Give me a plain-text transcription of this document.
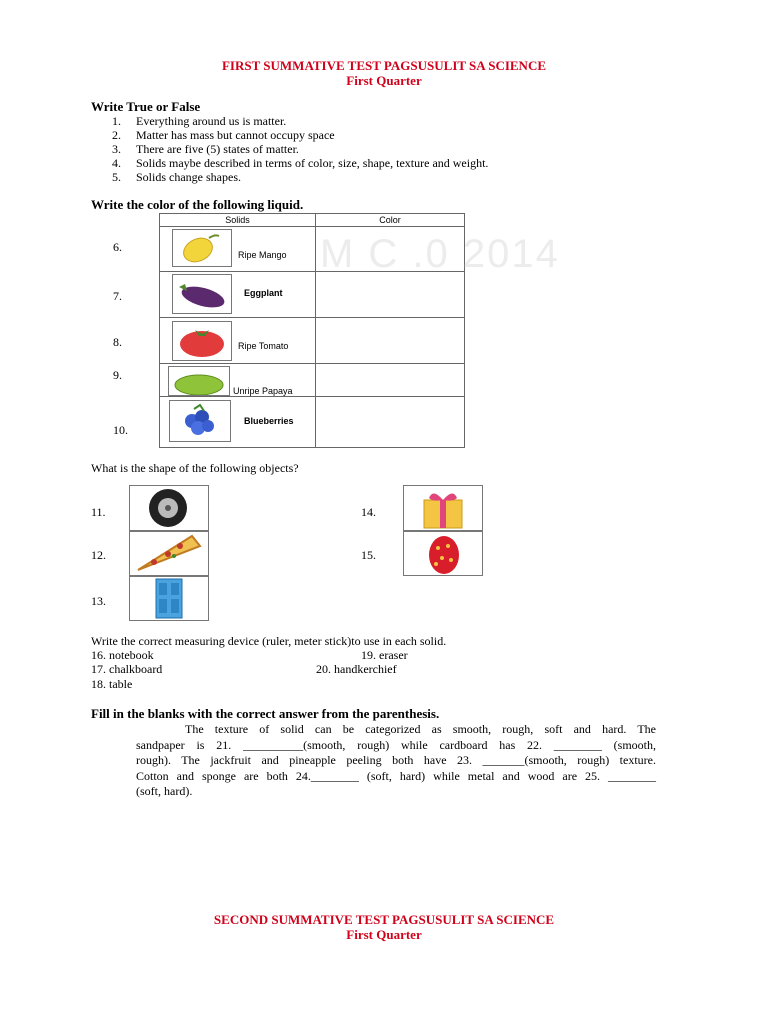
FIRST SUMMATIVE TEST PAGSUSULIT SA SCIENCE
First Quarter
Write True or False
1. Everything around us is matter.
2. Matter has mass but cannot occupy space
3. There are five (5) states of matter.
4. Solids maybe described in terms of color, size, shape, texture and weight.
5. Solids change shapes.
Write the color of the following liquid.
Solids	Color
M C .0 2014
6.
7.
8.
9.
10.
Ripe Mango
Eggplant
Ripe Tomato
Unripe Papaya
Blueberries
What is the shape of the following objects?
11.
12.
13.
14.
15.
Write the correct measuring device (ruler, meter stick)to use in each solid.
16. notebook
17. chalkboard
18. table
19. eraser
20. handkerchief
Fill in the blanks with the correct answer from the parenthesis.
The texture of solid can be categorized as smooth, rough, soft and hard. The
sandpaper is 21. __________(smooth, rough) while cardboard has 22. ________ (smooth,
rough). The jackfruit and pineapple peeling both have 23. _______(smooth, rough) texture.
Cotton and sponge are both 24.________ (soft, hard) while metal and wood are 25. ________
(soft, hard).
SECOND SUMMATIVE TEST PAGSUSULIT SA SCIENCE
First Quarter
